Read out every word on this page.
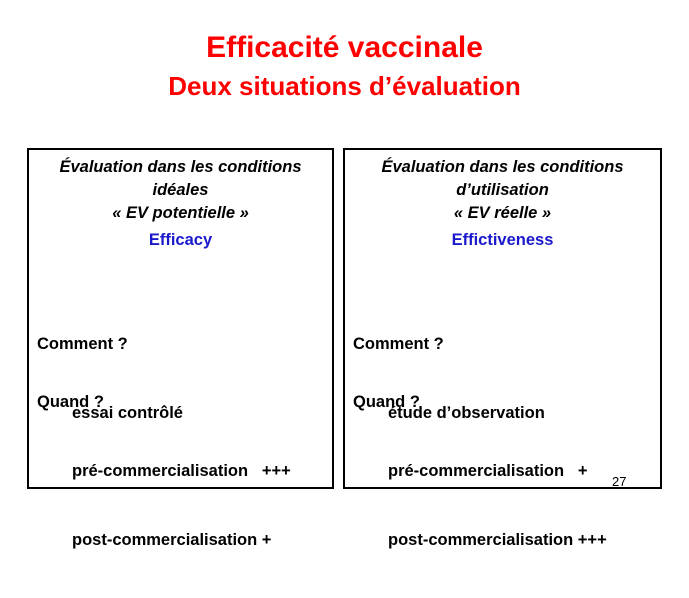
Efficacité vaccinale
Deux situations d’évaluation
Évaluation dans les conditions
idéales
« EV potentielle »
Efficacy

Comment ?

essai contrôlé

Quand ?

pré-commercialisation   +++

post-commercialisation +

Évaluation dans les conditions
d’utilisation
« EV réelle »
Effictiveness

Comment ?

étude d’observation

Quand ?

pré-commercialisation   +

post-commercialisation +++

27
